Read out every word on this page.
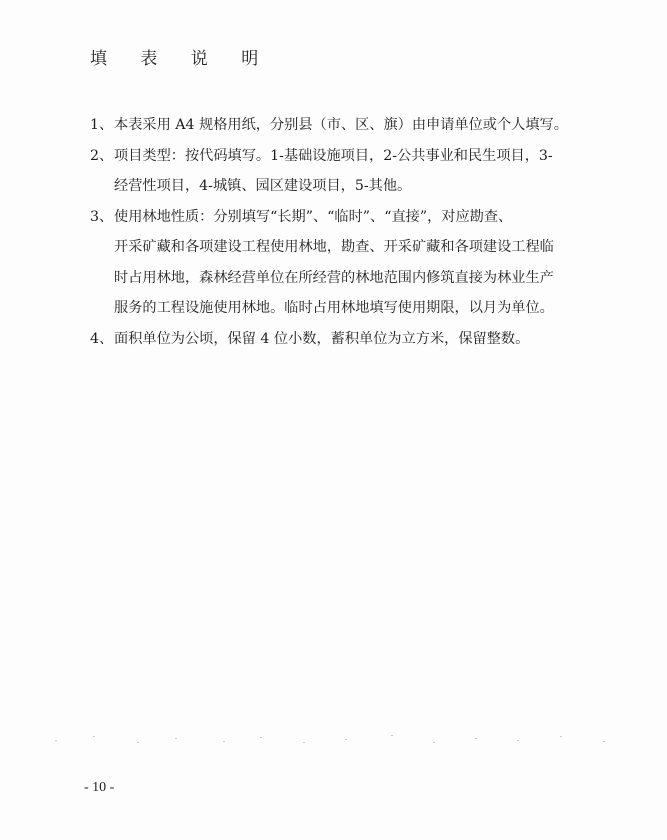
填 表 说 明
1、本表采用 A4 规格用纸，分别县（市、区、旗）由申请单位或个人填写。
2、项目类型：按代码填写。1-基础设施项目，2-公共事业和民生项目，3-
经营性项目，4-城镇、园区建设项目，5-其他。
3、使用林地性质：分别填写“长期”、“临时”、“直接”，对应勘查、
开采矿藏和各项建设工程使用林地，勘查、开采矿藏和各项建设工程临
时占用林地，森林经营单位在所经营的林地范围内修筑直接为林业生产
服务的工程设施使用林地。临时占用林地填写使用期限，以月为单位。
4、面积单位为公顷，保留 4 位小数，蓄积单位为立方米，保留整数。
- 10 -
